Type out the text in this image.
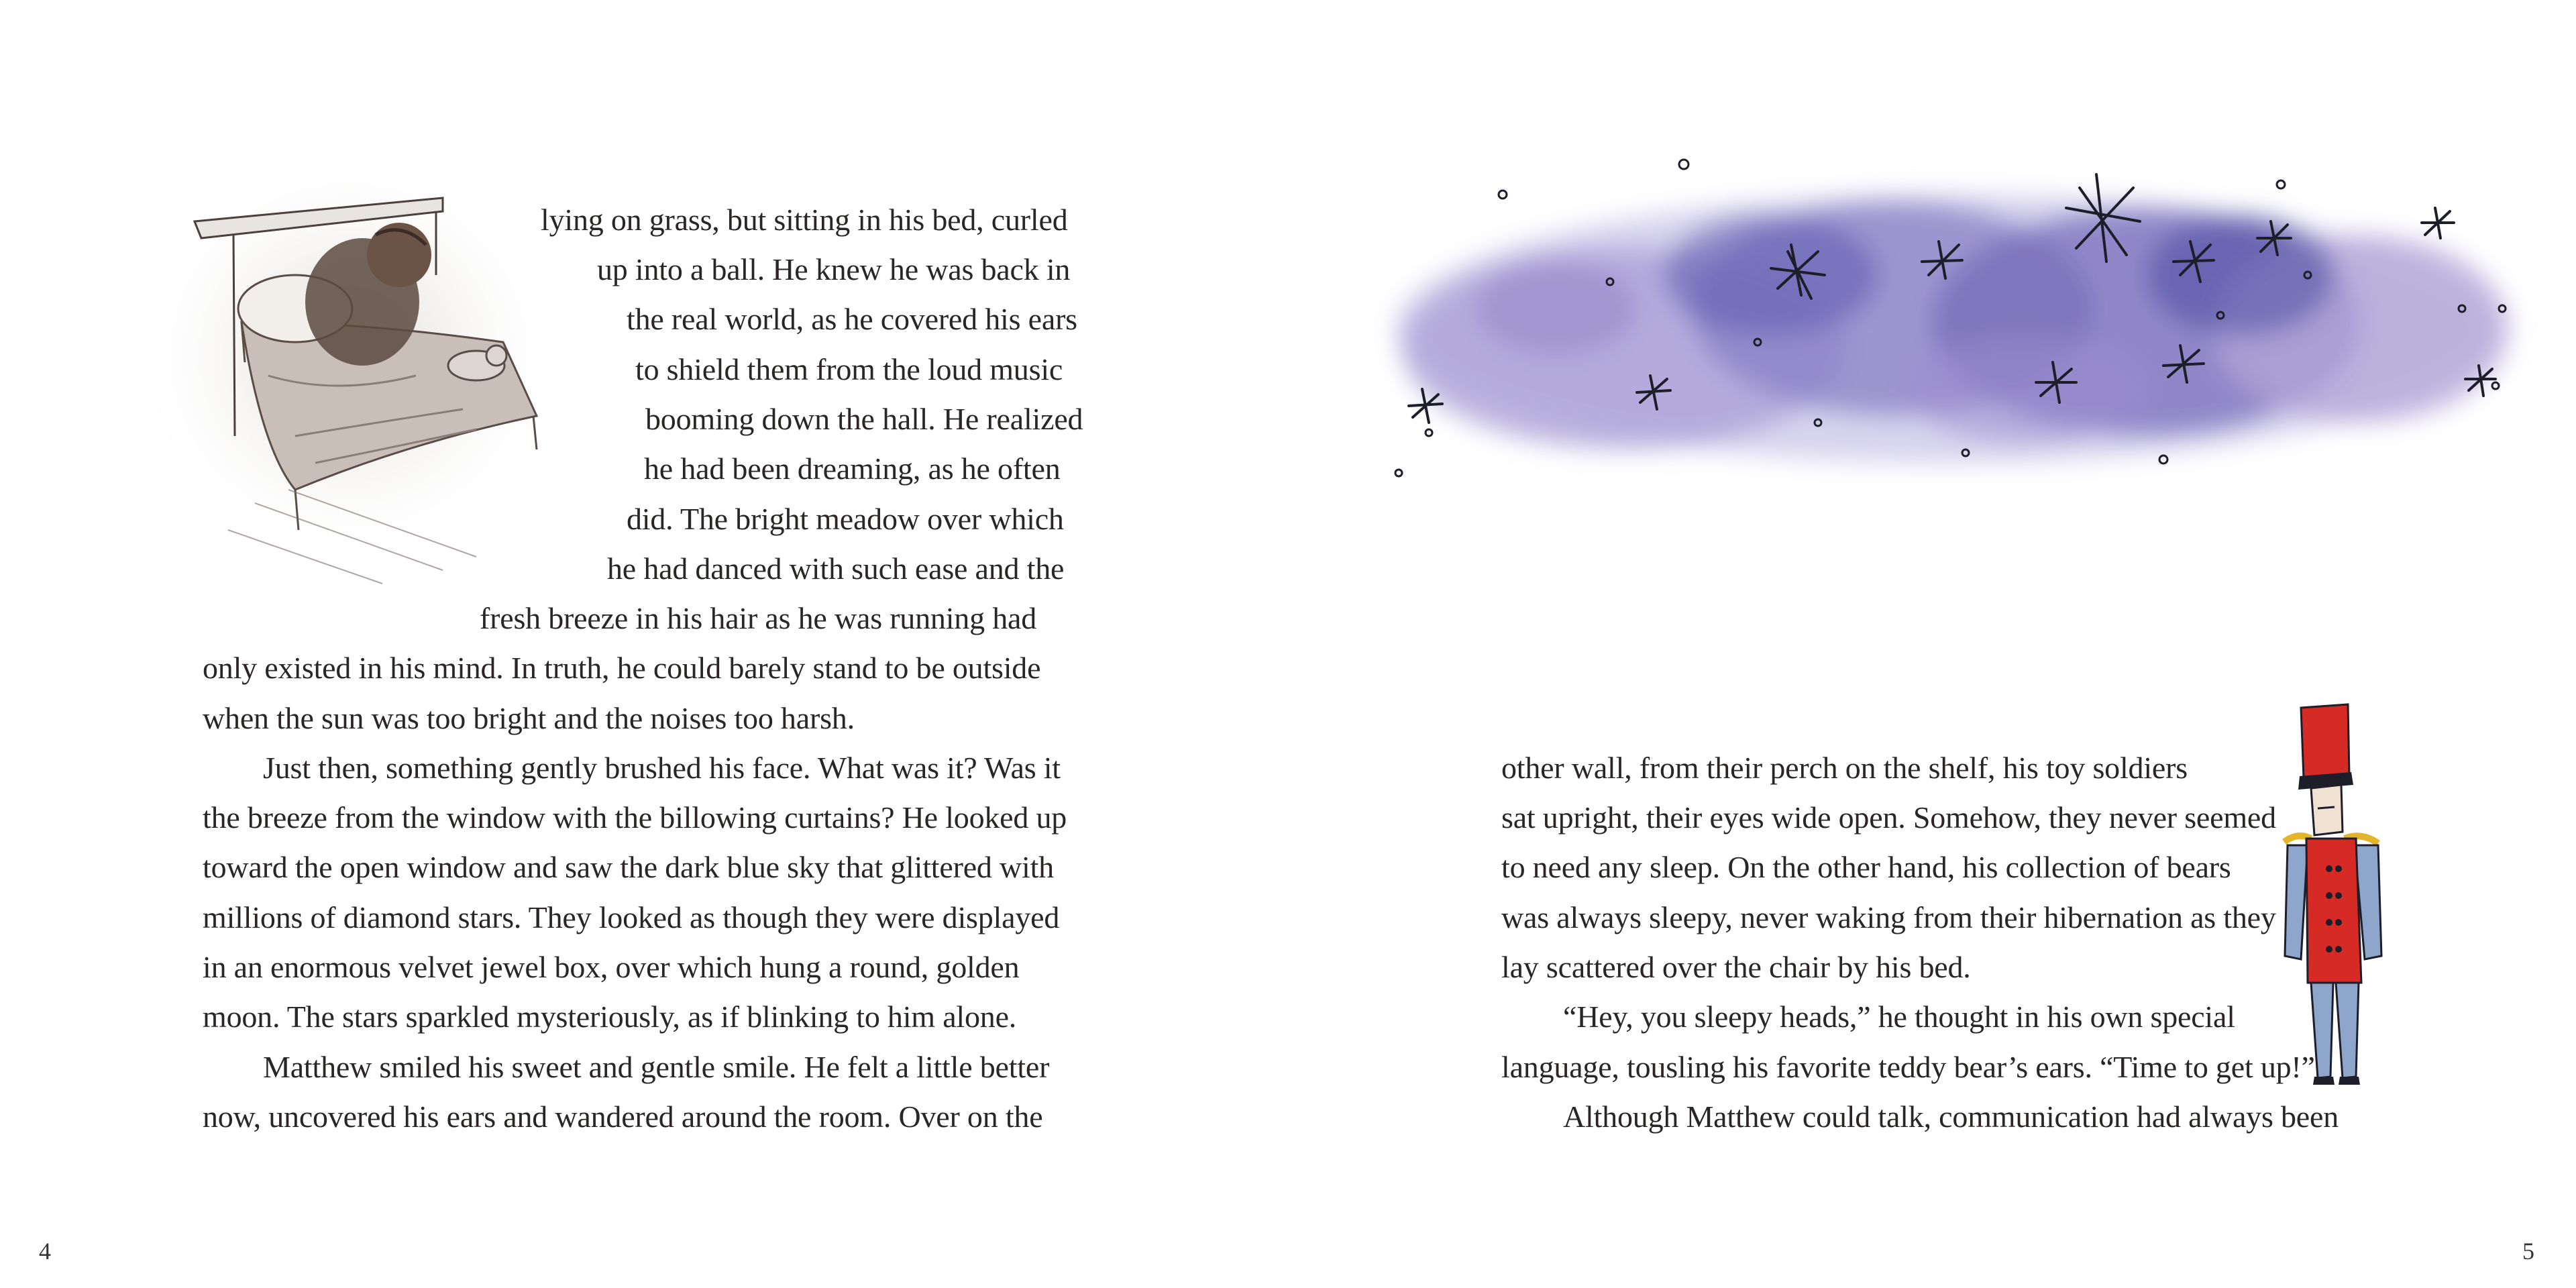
lying on grass, but sitting in his bed, curled
up into a ball. He knew he was back in
the real world, as he covered his ears
to shield them from the loud music
booming down the hall. He realized
he had been dreaming, as he often
did. The bright meadow over which
he had danced with such ease and the
fresh breeze in his hair as he was running had
only existed in his mind. In truth, he could barely stand to be outside
when the sun was too bright and the noises too harsh.
Just then, something gently brushed his face. What was it? Was it
the breeze from the window with the billowing curtains? He looked up
toward the open window and saw the dark blue sky that glittered with
millions of diamond stars. They looked as though they were displayed
in an enormous velvet jewel box, over which hung a round, golden
moon. The stars sparkled mysteriously, as if blinking to him alone.
Matthew smiled his sweet and gentle smile. He felt a little better
now, uncovered his ears and wandered around the room. Over on the
4
other wall, from their perch on the shelf, his toy soldiers
sat upright, their eyes wide open. Somehow, they never seemed
to need any sleep. On the other hand, his collection of bears
was always sleepy, never waking from their hibernation as they
lay scattered over the chair by his bed.
“Hey, you sleepy heads,” he thought in his own special
language, tousling his favorite teddy bear’s ears. “Time to get up!”
Although Matthew could talk, communication had always been
5
